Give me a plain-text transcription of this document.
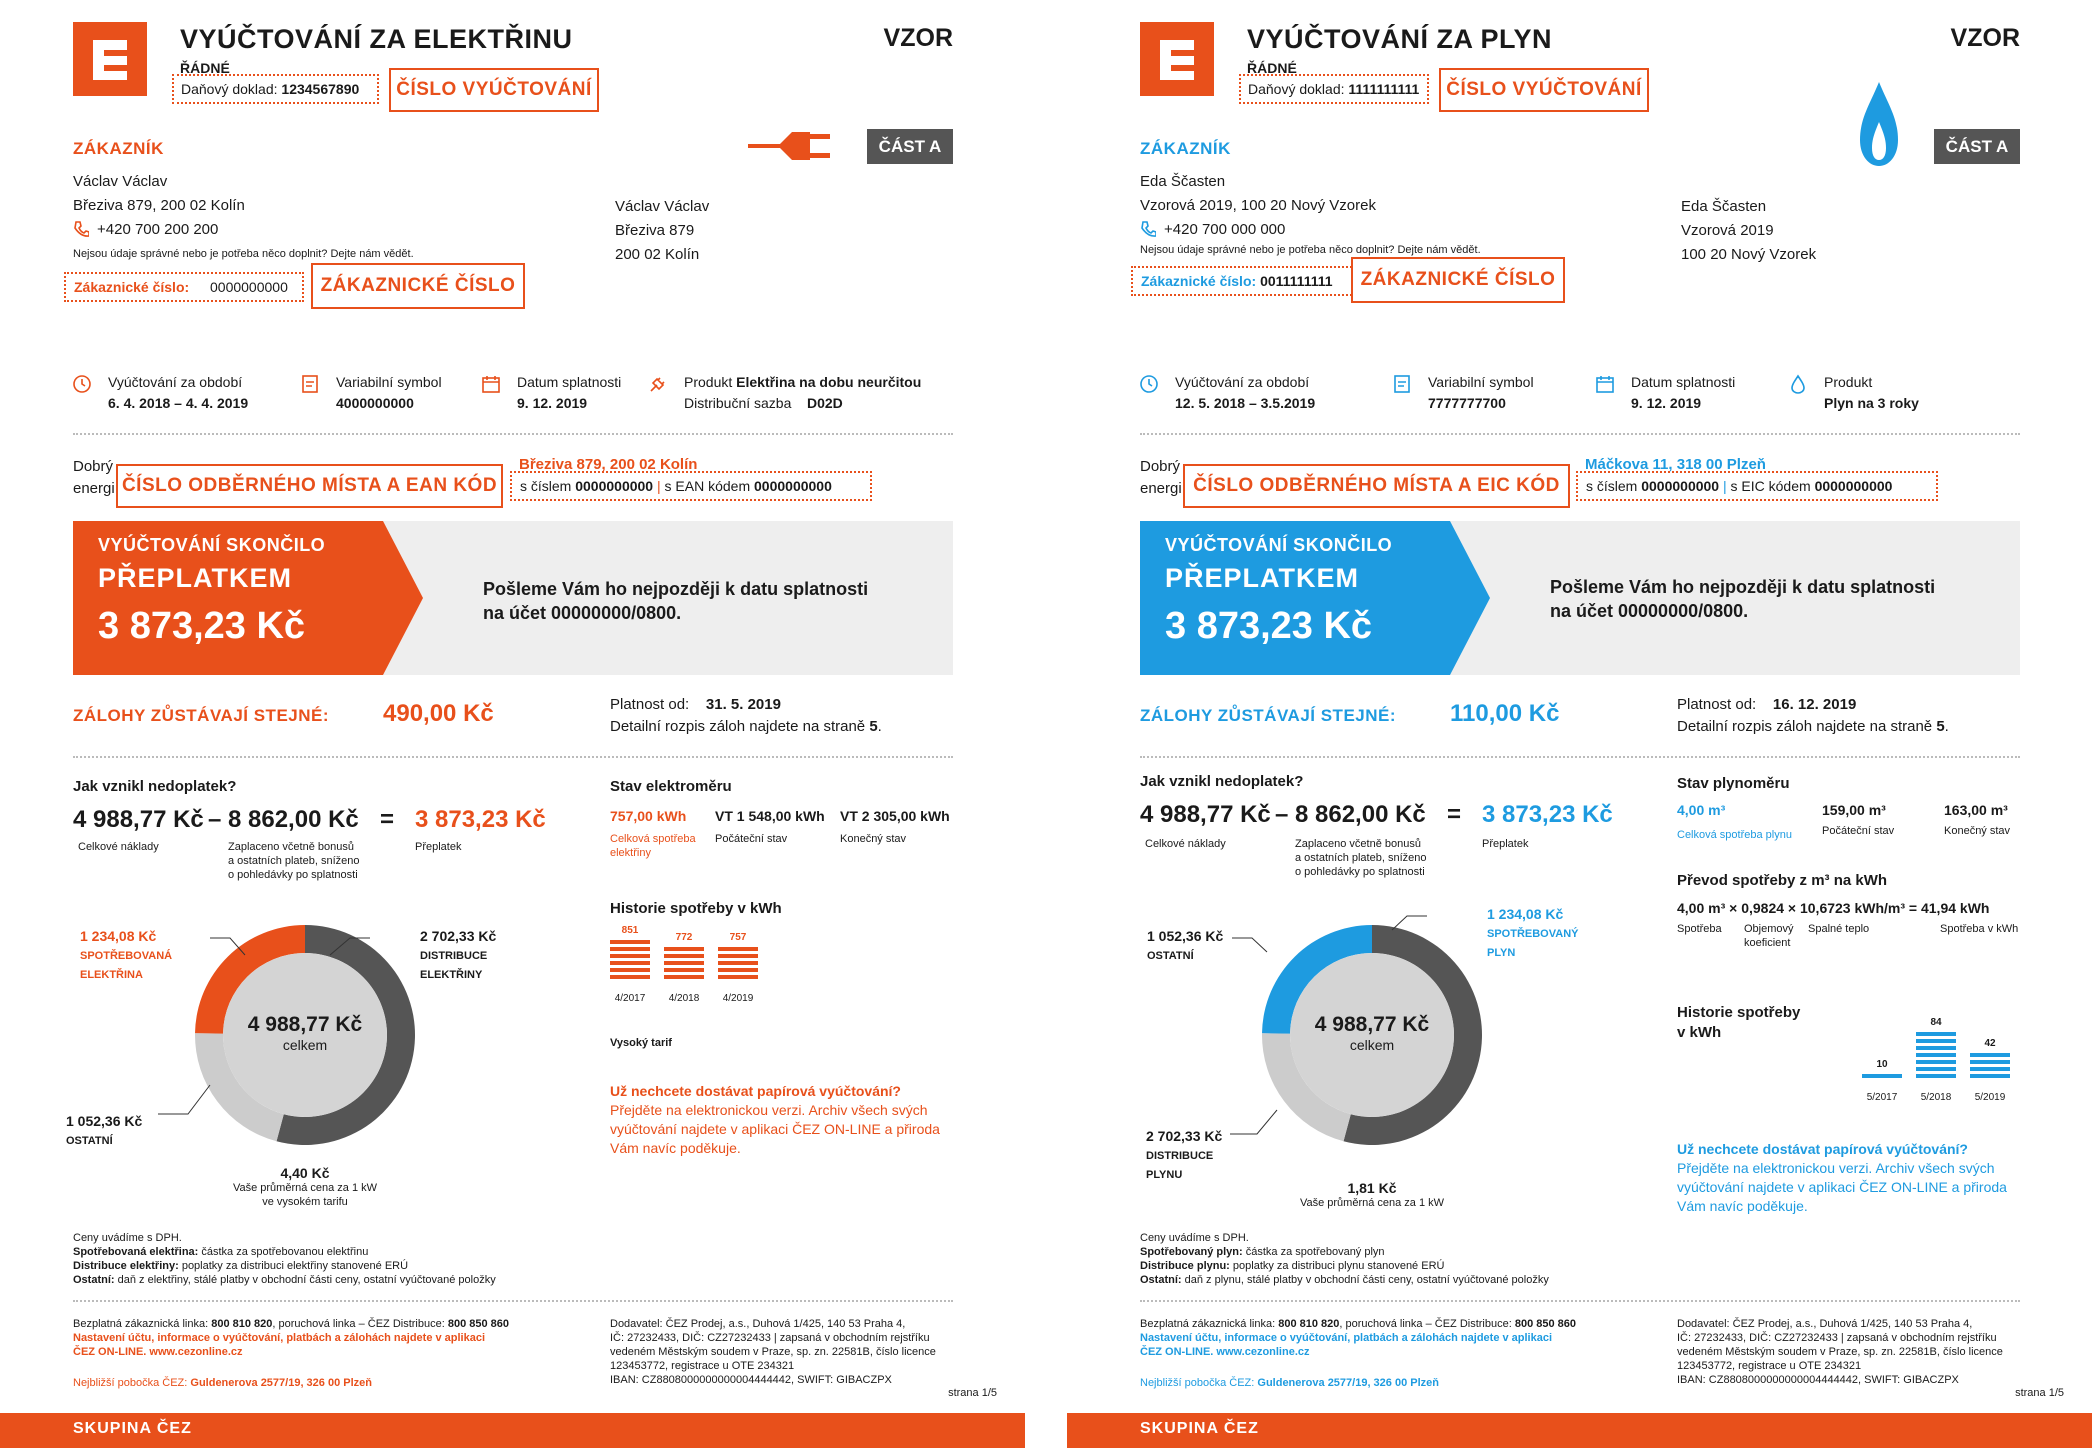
VYÚČTOVÁNÍ ZA ELEKTŘINU
ŘÁDNÉ
Daňový doklad: 1234567890	ČÍSLO VYÚČTOVÁNÍ
VZOR
ČÁST A
ZÁKAZNÍK
Václav Václav
Březiva 879, 200 02 Kolín
+420 700 200 200
Nejsou údaje správné nebo je potřeba něco doplnit? Dejte nám vědět.
Zákaznické číslo: 0000000000	ZÁKAZNICKÉ ČÍSLO
Václav Václav
Březiva 879
200 02 Kolín
Vyúčtování za období
6. 4. 2018 – 4. 4. 2019
Variabilní symbol
4000000000
Datum splatnosti
9. 12. 2019
Produkt Elektřina na dobu neurčitou
Distribuční sazba D02D
Dobrý
energi
Březiva 879, 200 02 Kolín
s číslem 0000000000 | s EAN kódem 0000000000
ČÍSLO ODBĚRNÉHO MÍSTA A EAN KÓD
VYÚČTOVÁNÍ SKONČILO
PŘEPLATKEM
3 873,23 Kč
Pošleme Vám ho nejpozději k datu splatnosti
na účet 00000000/0800.
ZÁLOHY ZŮSTÁVAJÍ STEJNÉ: 490,00 Kč	Platnost od: 31. 5. 2019
Detailní rozpis záloh najdete na straně 5.
Jak vznikl nedoplatek?
4 988,77 Kč – 8 862,00 Kč = 3 873,23 Kč
Celkové náklady	Zaplaceno včetně bonusů
a ostatních plateb, sníženo
o pohledávky po splatnosti
Přeplatek
4 988,77 Kč
celkem
1 234,08 Kč
SPOTŘEBOVANÁ
ELEKTŘINA
2 702,33 Kč
DISTRIBUCE
ELEKTŘINY
1 052,36 Kč
OSTATNÍ
4,40 Kč
Vaše průměrná cena za 1 kW
ve vysokém tarifu
Stav elektroměru
757,00 kWh
Celková spotřeba
elektřiny
VT 1 548,00 kWh
Počáteční stav
VT 2 305,00 kWh
Konečný stav
Historie spotřeby v kWh
851
4/2017
772
4/2018
757
4/2019
Vysoký tarif
Už nechcete dostávat papírová vyúčtování?
Přejděte na elektronickou verzi. Archiv všech svých
vyúčtování najdete v aplikaci ČEZ ON-LINE a přiroda
Vám navíc poděkuje.
Ceny uvádíme s DPH.
Spotřebovaná elektřina: částka za spotřebovanou elektřinu
Distribuce elektřiny: poplatky za distribuci elektřiny stanovené ERÚ
Ostatní: daň z elektřiny, stálé platby v obchodní části ceny, ostatní vyúčtované položky
Bezplatná zákaznická linka: 800 810 820, poruchová linka – ČEZ Distribuce: 800 850 860
Nastavení účtu, informace o vyúčtování, platbách a zálohách najdete v aplikaci
ČEZ ON-LINE. www.cezonline.cz
Nejbližší pobočka ČEZ: Guldenerova 2577/19, 326 00 Plzeň
Dodavatel: ČEZ Prodej, a.s., Duhová 1/425, 140 53 Praha 4,
IČ: 27232433, DIČ: CZ27232433 | zapsaná v obchodním rejstříku
vedeném Městským soudem v Praze, sp. zn. 22581B, číslo licence
123453772, registrace u OTE 234321
IBAN: CZ8808000000000004444442, SWIFT: GIBACZPX
strana 1/5
SKUPINA ČEZ
VYÚČTOVÁNÍ ZA PLYN
ŘÁDNÉ
Daňový doklad: 1111111111	ČÍSLO VYÚČTOVÁNÍ
VZOR
ČÁST A
ZÁKAZNÍK
Eda Ščasten
Vzorová 2019, 100 20 Nový Vzorek
+420 700 000 000
Nejsou údaje správné nebo je potřeba něco doplnit? Dejte nám vědět.
Zákaznické číslo: 0011111111	ZÁKAZNICKÉ ČÍSLO
Eda Ščasten
Vzorová 2019
100 20 Nový Vzorek
Vyúčtování za období
12. 5. 2018 – 3.5.2019
Variabilní symbol
7777777700
Datum splatnosti
9. 12. 2019
Produkt
Plyn na 3 roky
Dobrý
energi
Máčkova 11, 318 00 Plzeň
s číslem 0000000000 | s EIC kódem 0000000000
ČÍSLO ODBĚRNÉHO MÍSTA A EIC KÓD
VYÚČTOVÁNÍ SKONČILO
PŘEPLATKEM
3 873,23 Kč
Pošleme Vám ho nejpozději k datu splatnosti
na účet 00000000/0800.
ZÁLOHY ZŮSTÁVAJÍ STEJNÉ: 110,00 Kč	Platnost od: 16. 12. 2019
Detailní rozpis záloh najdete na straně 5.
Jak vznikl nedoplatek?
4 988,77 Kč – 8 862,00 Kč = 3 873,23 Kč
Celkové náklady	Zaplaceno včetně bonusů
a ostatních plateb, sníženo
o pohledávky po splatnosti
Přeplatek
4 988,77 Kč
celkem
1 234,08 Kč
SPOTŘEBOVANÝ
PLYN
1 052,36 Kč
OSTATNÍ
2 702,33 Kč
DISTRIBUCE
PLYNU
1,81 Kč
Vaše průměrná cena za 1 kW
Stav plynoměru
4,00 m³
Celková spotřeba plynu
159,00 m³
Počáteční stav
163,00 m³
Konečný stav
Převod spotřeby z m³ na kWh
4,00 m³ × 0,9824 × 10,6723 kWh/m³ = 41,94 kWh
Spotřeba Objemový
koeficient
Spalné teplo	Spotřeba v kWh
Historie spotřeby
v kWh
10
5/2017
84
5/2018
42
5/2019
Už nechcete dostávat papírová vyúčtování?
Přejděte na elektronickou verzi. Archiv všech svých
vyúčtování najdete v aplikaci ČEZ ON-LINE a přiroda
Vám navíc poděkuje.
Ceny uvádíme s DPH.
Spotřebovaný plyn: částka za spotřebovaný plyn
Distribuce plynu: poplatky za distribuci plynu stanovené ERÚ
Ostatní: daň z plynu, stálé platby v obchodní části ceny, ostatní vyúčtované položky
Bezplatná zákaznická linka: 800 810 820, poruchová linka – ČEZ Distribuce: 800 850 860
Nastavení účtu, informace o vyúčtování, platbách a zálohách najdete v aplikaci
ČEZ ON-LINE. www.cezonline.cz
Nejbližší pobočka ČEZ: Guldenerova 2577/19, 326 00 Plzeň
Dodavatel: ČEZ Prodej, a.s., Duhová 1/425, 140 53 Praha 4,
IČ: 27232433, DIČ: CZ27232433 | zapsaná v obchodním rejstříku
vedeném Městským soudem v Praze, sp. zn. 22581B, číslo licence
123453772, registrace u OTE 234321
IBAN: CZ8808000000000004444442, SWIFT: GIBACZPX
strana 1/5
SKUPINA ČEZ
